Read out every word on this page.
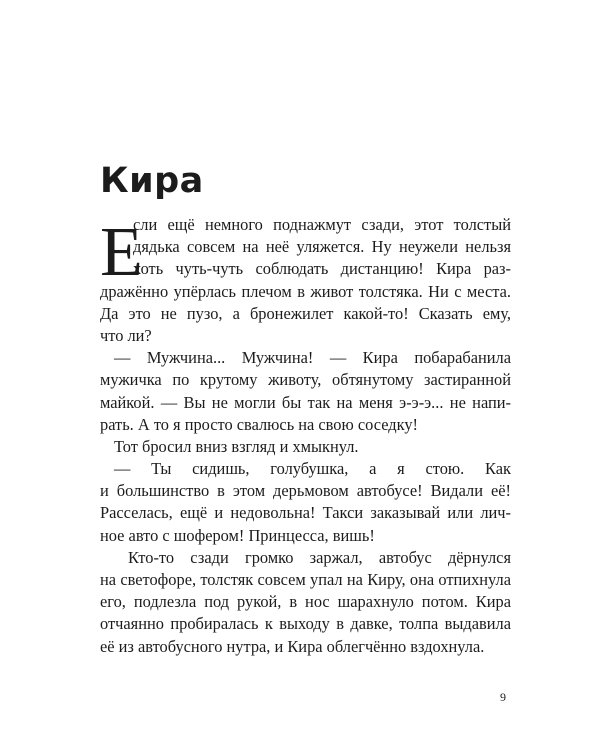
Кира
Е
сли ещё немного поднажмут сзади, этот толстый
дядька совсем на неё уляжется. Ну неужели нельзя
хоть чуть-чуть соблюдать дистанцию! Кира раз-
дражённо упёрлась плечом в живот толстяка. Ни с места.
Да это не пузо, а бронежилет какой-то! Сказать ему,
что ли?
— Мужчина... Мужчина! — Кира побарабанила
мужичка по крутому животу, обтянутому застиранной
майкой. — Вы не могли бы так на меня э-э-э... не напи-
рать. А то я просто свалюсь на свою соседку!
Тот бросил вниз взгляд и хмыкнул.
— Ты сидишь, голубушка, а я стою. Как
и большинство в этом дерьмовом автобусе! Видали её!
Расселась, ещё и недовольна! Такси заказывай или лич-
ное авто с шофером! Принцесса, вишь!
Кто-то сзади громко заржал, автобус дёрнулся
на светофоре, толстяк совсем упал на Киру, она отпихнула
его, подлезла под рукой, в нос шарахнуло потом. Кира
отчаянно пробиралась к выходу в давке, толпа выдавила
её из автобусного нутра, и Кира облегчённо вздохнула.
9
